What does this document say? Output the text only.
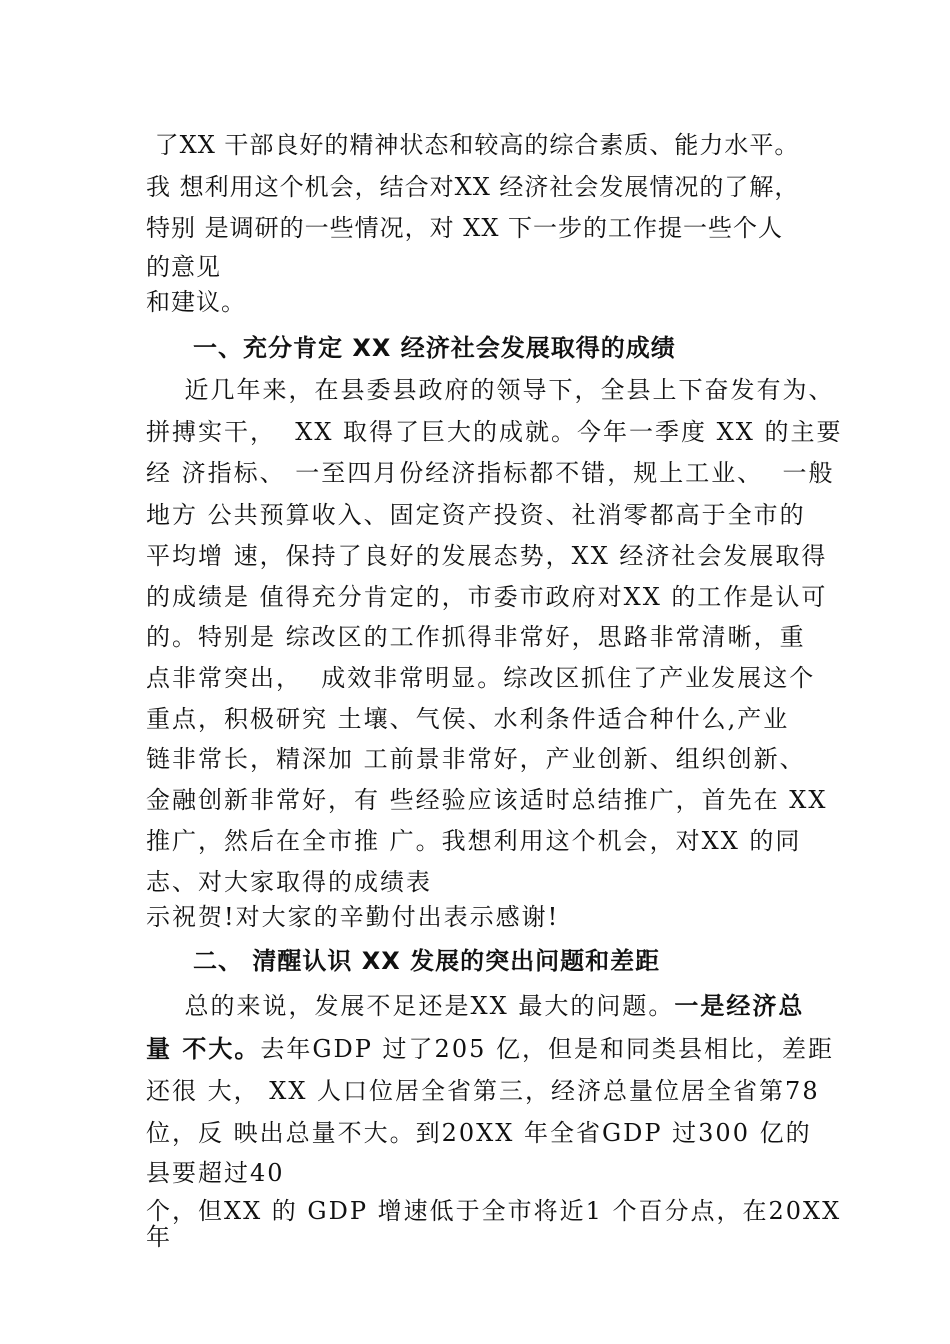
了XX 干部良好的精神状态和较高的综合素质、能力水平。
我 想利用这个机会，结合对XX 经济社会发展情况的了解，
特别 是调研的一些情况，对 XX 下一步的工作提一些个人
的意见
和建议。
一、充分肯定 XX 经济社会发展取得的成绩
近几年来，在县委县政府的领导下，全县上下奋发有为、
拼搏实干，  XX 取得了巨大的成就。今年一季度 XX 的主要
经 济指标、 一至四月份经济指标都不错，规上工业、  一般
地方 公共预算收入、固定资产投资、社消零都高于全市的
平均增 速，保持了良好的发展态势，XX 经济社会发展取得
的成绩是 值得充分肯定的，市委市政府对XX 的工作是认可
的。特别是 综改区的工作抓得非常好，思路非常清晰，重
点非常突出，  成效非常明显。综改区抓住了产业发展这个
重点，积极研究 土壤、气侯、水利条件适合种什么,产业
链非常长，精深加 工前景非常好，产业创新、组织创新、
金融创新非常好，有 些经验应该适时总结推广，首先在 XX
推广，然后在全市推 广。我想利用这个机会，对XX 的同
志、对大家取得的成绩表
示祝贺!对大家的辛勤付出表示感谢!
二、 清醒认识 XX 发展的突出问题和差距
总的来说，发展不足还是XX 最大的问题。一是经济总
量 不大。去年GDP 过了205 亿，但是和同类县相比，差距
还很 大， XX 人口位居全省第三，经济总量位居全省第78
位，反 映出总量不大。到20XX 年全省GDP 过300 亿的
县要超过40
个，但XX 的 GDP 增速低于全市将近1 个百分点，在20XX
年
